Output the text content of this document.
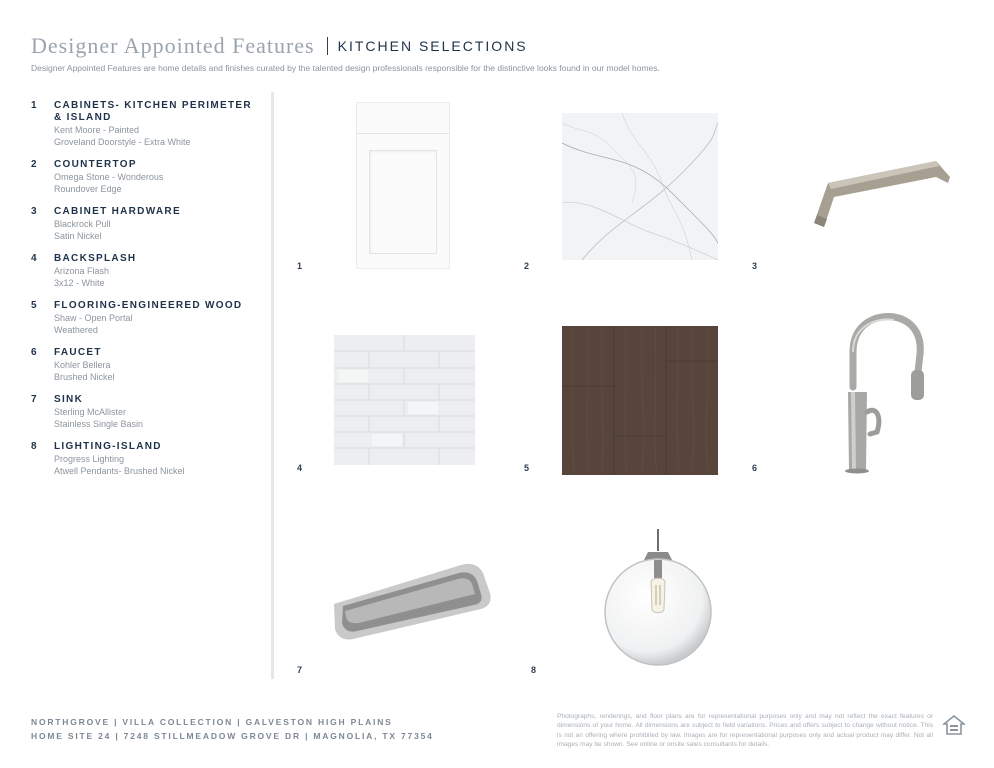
Designer Appointed Features KITCHEN SELECTIONS
Designer Appointed Features are home details and finishes curated by the talented design professionals responsible for the distinctive looks found in our model homes.
1 CABINETS- KITCHEN PERIMETER & ISLAND
Kent Moore - Painted
Groveland Doorstyle - Extra White
2 COUNTERTOP
Omega Stone - Wonderous
Roundover Edge
3 CABINET HARDWARE
Blackrock Pull
Satin Nickel
4 BACKSPLASH
Arizona Flash
3x12 - White
5 FLOORING-ENGINEERED WOOD
Shaw - Open Portal
Weathered
6 FAUCET
Kohler Bellera
Brushed Nickel
7 SINK
Sterling McAllister
Stainless Single Basin
8 LIGHTING-ISLAND
Progress Lighting
Atwell Pendants- Brushed Nickel
1	2	3
4	5	6
7	8
NORTHGROVE | VILLA COLLECTION | GALVESTON HIGH PLAINS
HOME SITE 24 | 7248 STILLMEADOW GROVE DR | MAGNOLIA, TX 77354
Photographs, renderings, and floor plans are for representational purposes only and may not reflect the exact features or dimensions of your home. All dimensions are subject to field variations. Prices and offers subject to change without notice. This is not an offering where prohibited by law. Images are for representational purposes only and actual product may differ. Not all images may be shown. See online or onsite sales consultants for details.
